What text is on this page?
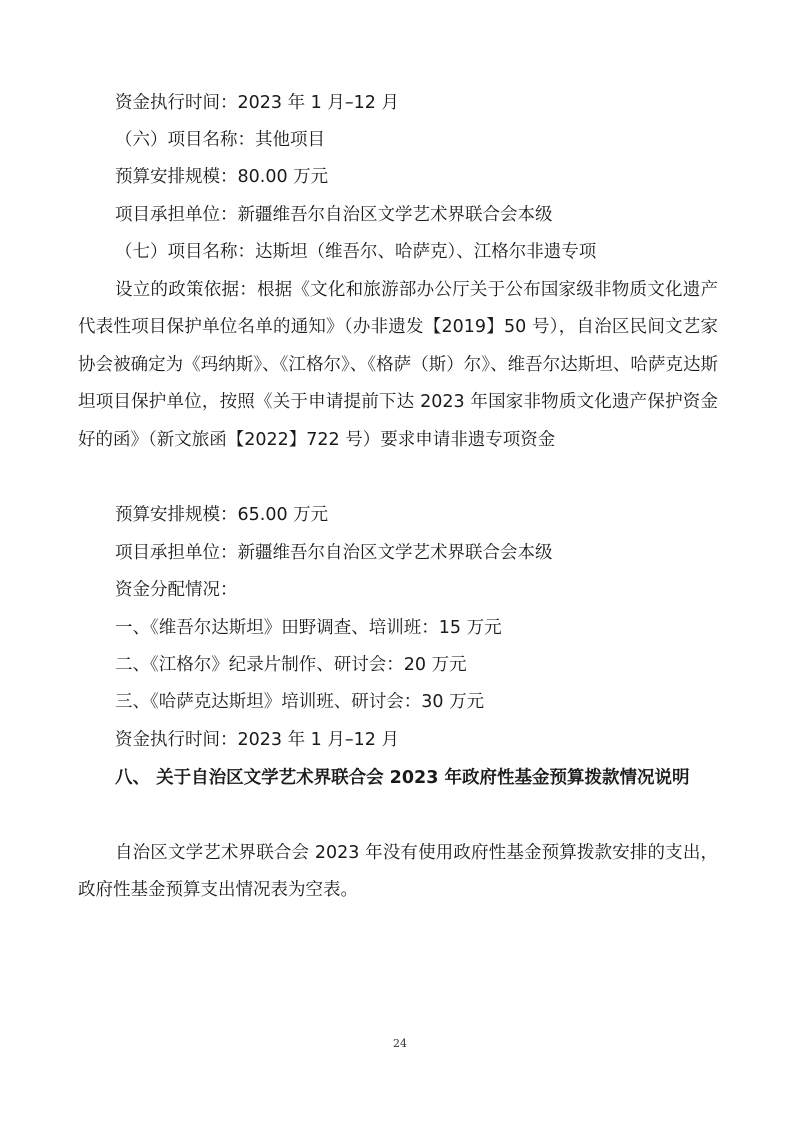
资金执行时间：2023 年 1 月–12 月
（六）项目名称：其他项目
预算安排规模：80.00 万元
项目承担单位：新疆维吾尔自治区文学艺术界联合会本级
（七）项目名称：达斯坦（维吾尔、哈萨克）、江格尔非遗专项
设立的政策依据：根据《文化和旅游部办公厅关于公布国家级非物质文化遗产代表性项目保护单位名单的通知》（办非遗发【2019】50 号），自治区民间文艺家协会被确定为《玛纳斯》、《江格尔》、《格萨（斯）尔》、维吾尔达斯坦、哈萨克达斯坦项目保护单位，按照《关于申请提前下达 2023 年国家非物质文化遗产保护资金好的函》（新文旅函【2022】722 号）要求申请非遗专项资金
预算安排规模：65.00 万元
项目承担单位：新疆维吾尔自治区文学艺术界联合会本级
资金分配情况：
一、《维吾尔达斯坦》田野调查、培训班：15 万元
二、《江格尔》纪录片制作、研讨会：20 万元
三、《哈萨克达斯坦》培训班、研讨会：30 万元
资金执行时间：2023 年 1 月–12 月
八、 关于自治区文学艺术界联合会 2023 年政府性基金预算拨款情况说明
自治区文学艺术界联合会 2023 年没有使用政府性基金预算拨款安排的支出，政府性基金预算支出情况表为空表。
24
